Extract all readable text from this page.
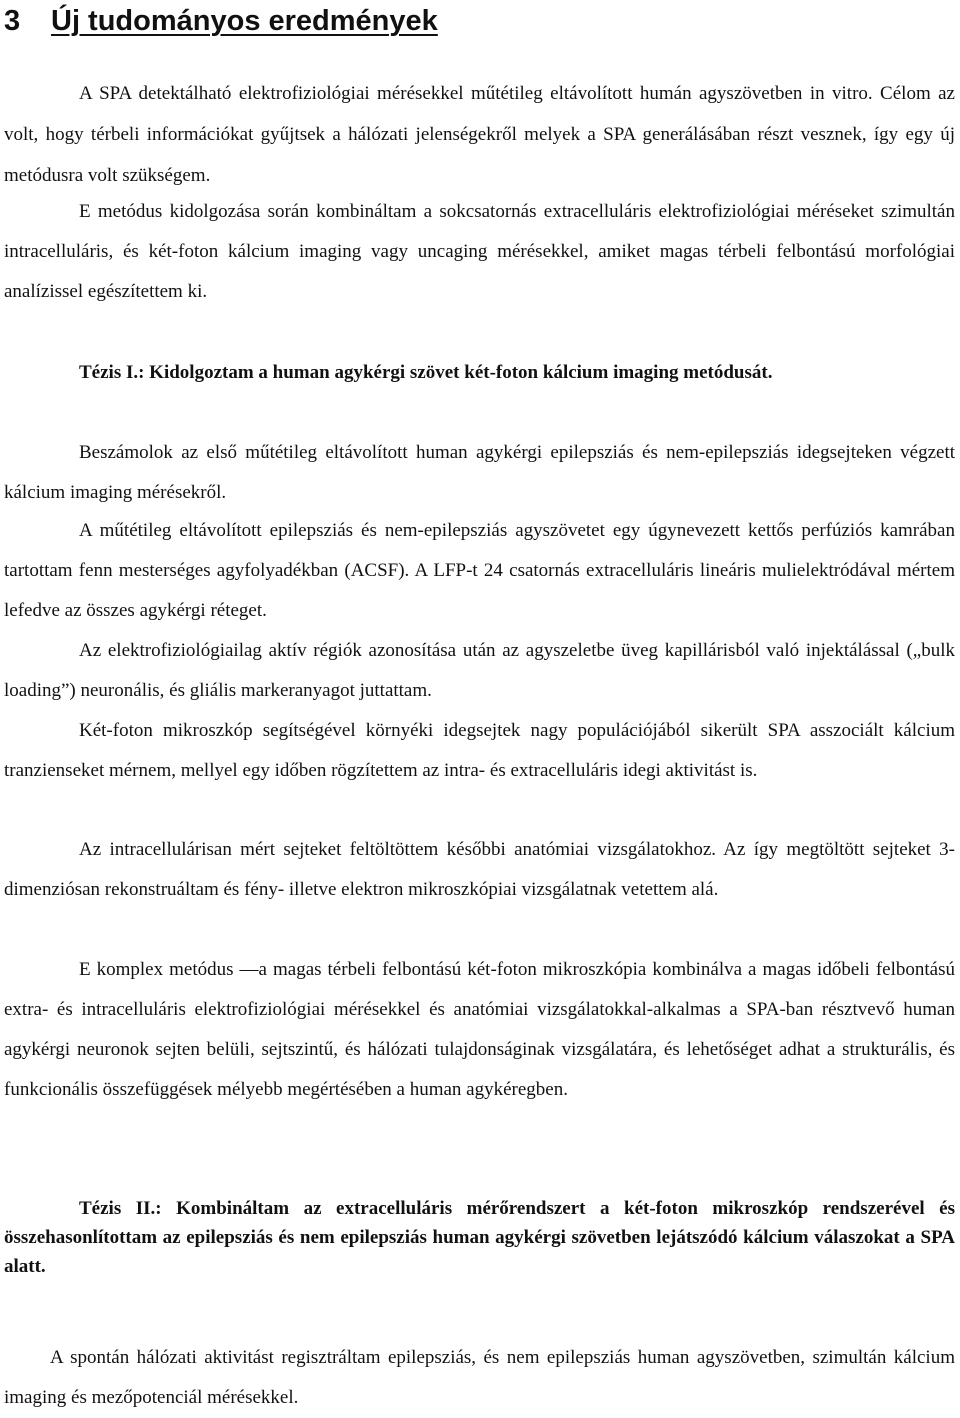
3 Új tudományos eredmények

A SPA detektálható elektrofiziológiai mérésekkel műtétileg eltávolított humán agyszövetben in vitro. Célom az volt, hogy térbeli információkat gyűjtsek a hálózati jelenségekről melyek a SPA generálásában részt vesznek, így egy új metódusra volt szükségem.

E metódus kidolgozása során kombináltam a sokcsatornás extracelluláris elektrofiziológiai méréseket szimultán intracelluláris, és két-foton kálcium imaging vagy uncaging mérésekkel, amiket magas térbeli felbontású morfológiai analízissel egészítettem ki.

Tézis I.: Kidolgoztam a human agykérgi szövet két-foton kálcium imaging metódusát.

Beszámolok az első műtétileg eltávolított human agykérgi epilepsziás és nem-epilepsziás idegsejteken végzett kálcium imaging mérésekről.

A műtétileg eltávolított epilepsziás és nem-epilepsziás agyszövetet egy úgynevezett kettős perfúziós kamrában tartottam fenn mesterséges agyfolyadékban (ACSF). A LFP-t 24 csatornás extracelluláris lineáris mulielektródával mértem lefedve az összes agykérgi réteget.

Az elektrofiziológiailag aktív régiók azonosítása után az agyszeletbe üveg kapillárisból való injektálással („bulk loading”) neuronális, és gliális markeranyagot juttattam.

Két-foton mikroszkóp segítségével környéki idegsejtek nagy populációjából sikerült SPA asszociált kálcium tranzienseket mérnem, mellyel egy időben rögzítettem az intra- és extracelluláris idegi aktivitást is.

Az intracellulárisan mért sejteket feltöltöttem későbbi anatómiai vizsgálatokhoz. Az így megtöltött sejteket 3-dimenziósan rekonstruáltam és fény- illetve elektron mikroszkópiai vizsgálatnak vetettem alá.

E komplex metódus —a magas térbeli felbontású két-foton mikroszkópia kombinálva a magas időbeli felbontású extra- és intracelluláris elektrofiziológiai mérésekkel és anatómiai vizsgálatokkal-alkalmas a SPA-ban résztvevő human agykérgi neuronok sejten belüli, sejtszintű, és hálózati tulajdonságinak vizsgálatára, és lehetőséget adhat a strukturális, és funkcionális összefüggések mélyebb megértésében a human agykéregben.

Tézis II.: Kombináltam az extracelluláris mérőrendszert a két-foton mikroszkóp rendszerével és összehasonlítottam az epilepsziás és nem epilepsziás human agykérgi szövetben lejátszódó kálcium válaszokat a SPA alatt.

A spontán hálózati aktivitást regisztráltam epilepsziás, és nem epilepsziás human agyszövetben, szimultán kálcium imaging és mezőpotenciál mérésekkel.
